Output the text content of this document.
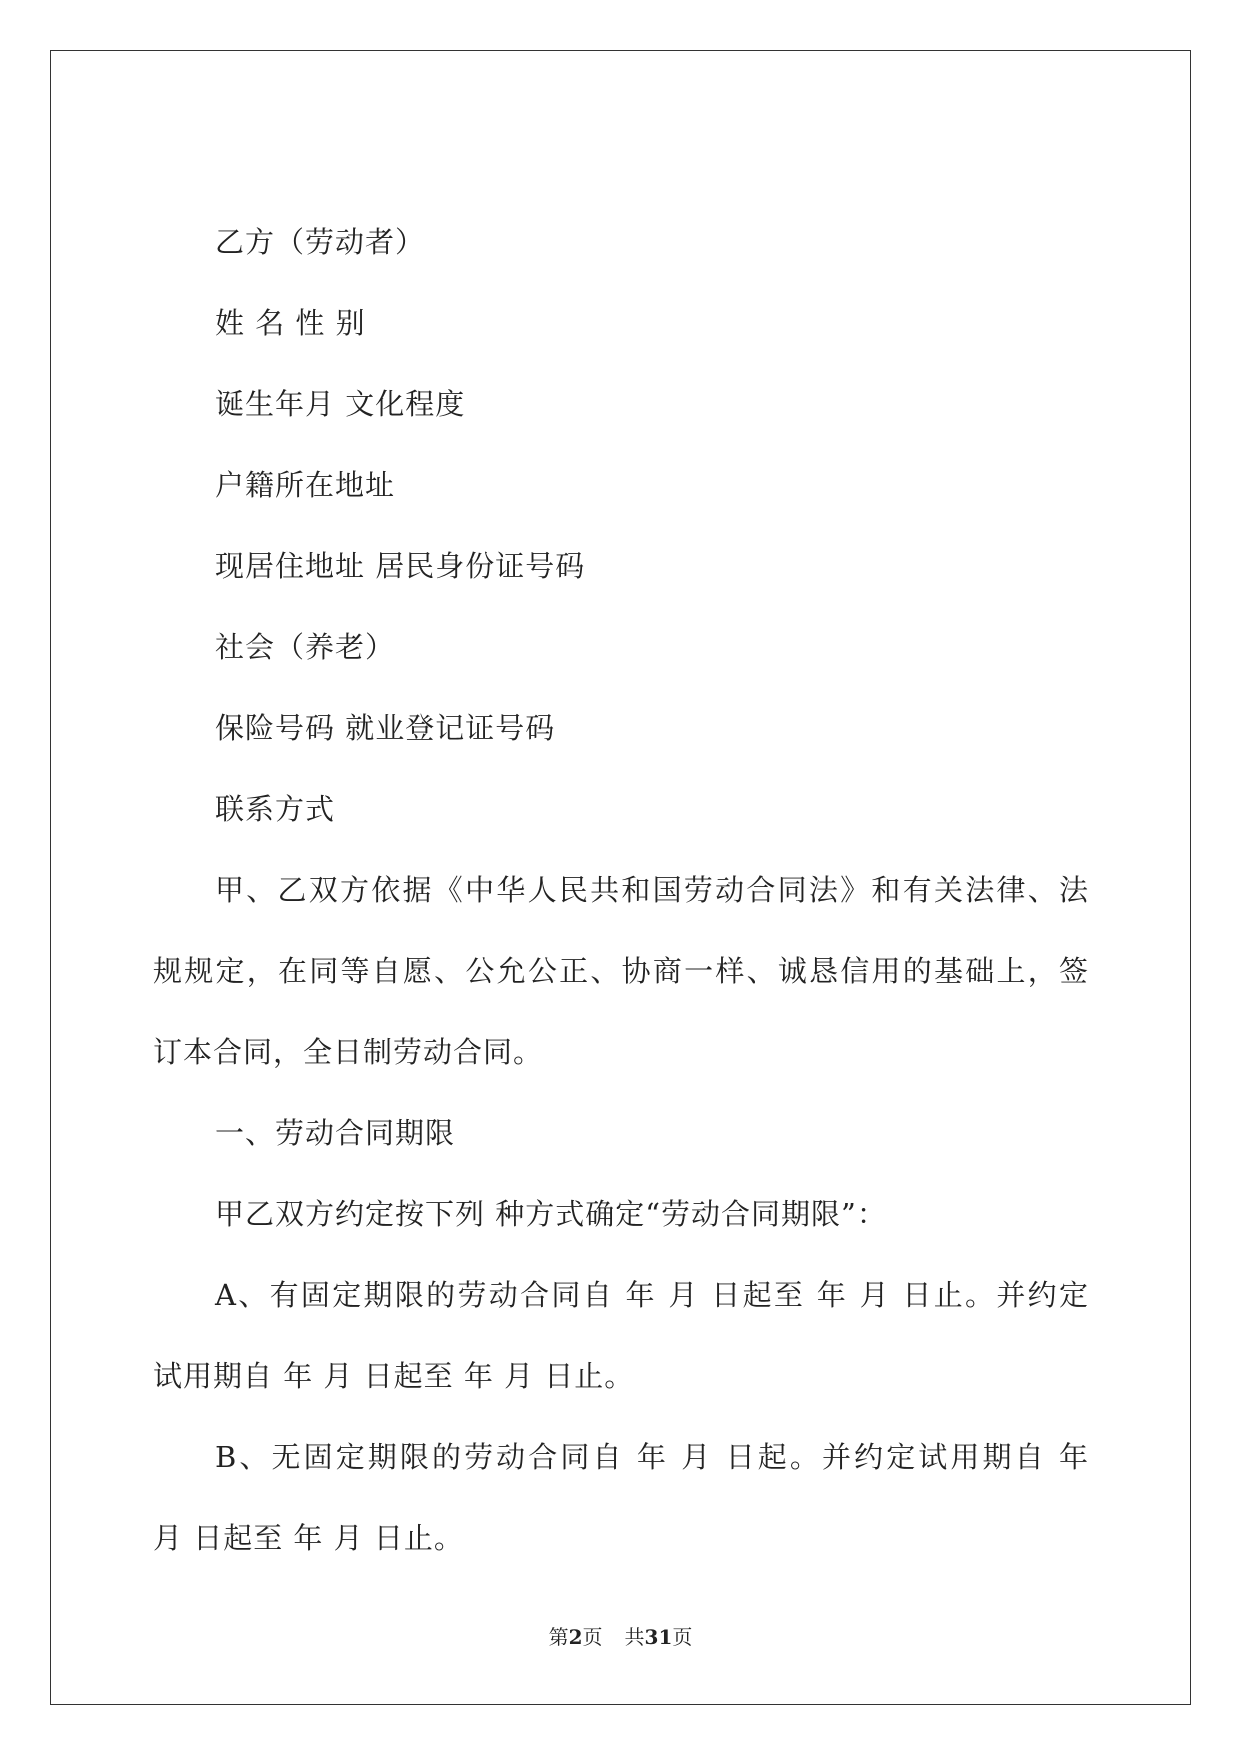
乙方（劳动者）
姓 名 性 别
诞生年月 文化程度
户籍所在地址
现居住地址 居民身份证号码
社会（养老）
保险号码 就业登记证号码
联系方式
甲、乙双方依据《中华人民共和国劳动合同法》和有关法律、法
规规定，在同等自愿、公允公正、协商一样、诚恳信用的基础上，签
订本合同，全日制劳动合同。
一、劳动合同期限
甲乙双方约定按下列 种方式确定“劳动合同期限”：
A、有固定期限的劳动合同自 年 月 日起至 年 月 日止。并约定
试用期自 年 月 日起至 年 月 日止。
B、无固定期限的劳动合同自 年 月 日起。并约定试用期自 年
月 日起至 年 月 日止。
第2页 共31页
